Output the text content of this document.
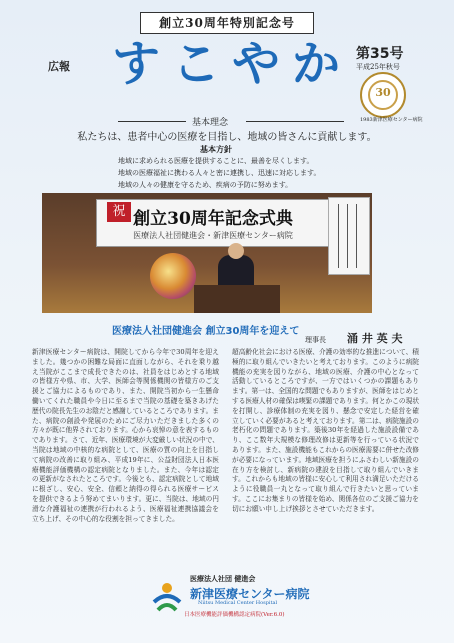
創立30周年特別記念号
広報 すこやか 第35号
平成25年秋号
30
1983新津医療センター病院
基本理念
私たちは、患者中心の医療を目指し、地域の皆さんに貢献します。
基本方針
地域に求められる医療を提供することに、最善を尽くします。
地域の医療福祉に携わる人々と密に連携し、迅速に対応します。
地域の人々の健康を守るため、疾病の予防に努めます。
祝 創立30周年記念式典
医療法人社団健進会・新津医療センター病院
医療法人社団健進会 創立30周年を迎えて
理事長 涌 井 英 夫
新津医療センター病院は、開院してから今年で30周年を迎えました。幾つかの困難な局面に直面しながら、それを乗り越え当院がここまで成長できたのは、社員をはじめとする地域の皆様方や県、市、大学、医師会等関係機関の皆様方のご支援とご協力によるものであり、また、開院当初から一生懸命働いてくれた職員や今日に至るまで当院の基礎を築きあげた歴代の院長先生のお陰だと感謝しているところであります。また、病院の創設や発展のためにご尽力いただきました多くの方々が既に他界されております。心から哀悼の意を表するものであります。さて、近年、医療環境が大変厳しい状況の中で、当院は地域の中核的な病院として、医療の質の向上を目指して病院の改善に取り組み、平成19年に、公益財団法人日本医療機能評価機構の認定病院となりました。また、今年は認定の更新がなされたところです。今後とも、認定病院として地域に根ざし、安心、安全、信頼と納得の得られる医療サービスを提供できるよう努めてまいります。更に、当院は、地域の円滑な介護福祉の連携が行われるよう、医療福祉連携協議会を立ち上げ、その中心的な役割を担ってきました。
超高齢化社会における医療、介護の効率的な推進について、積極的に取り組んでいきたいと考えております。このように病院機能の充実を図りながら、地域の医療、介護の中心となって活動しているところですが、一方ではいくつかの課題もあります。第一は、全国的な問題でもありますが、医師をはじめとする医療人材の確保は喫緊の課題であります。何とかこの現状を打開し、診療体制の充実を図り、懸念で安定した経営を確立していく必要があると考えております。第二は、病院施設の老朽化の問題であります。築後30年を経過した施設設備であり、ここ数年大規模な修理改修は更新等を行っている状況であります。また、施設機能もこれからの医療需要に併せた改修が必要になっています。地域医療を担うにふさわしい新施設の在り方を検討し、新病院の建設を目指して取り組んでいきます。これからも地域の皆様に安心して利用され満足いただけるように役職員一丸となって取り組んで行きたいと思っています。ここにお集まりの皆様を始め、関係各位のご支援ご協力を切にお願い申し上げ挨拶とさせていただきます。
医療法人社団 健進会
新津医療センター病院
Niitsu Medical Center Hospital
日本医療機能評価機構認定病院(Ver.6.0)
